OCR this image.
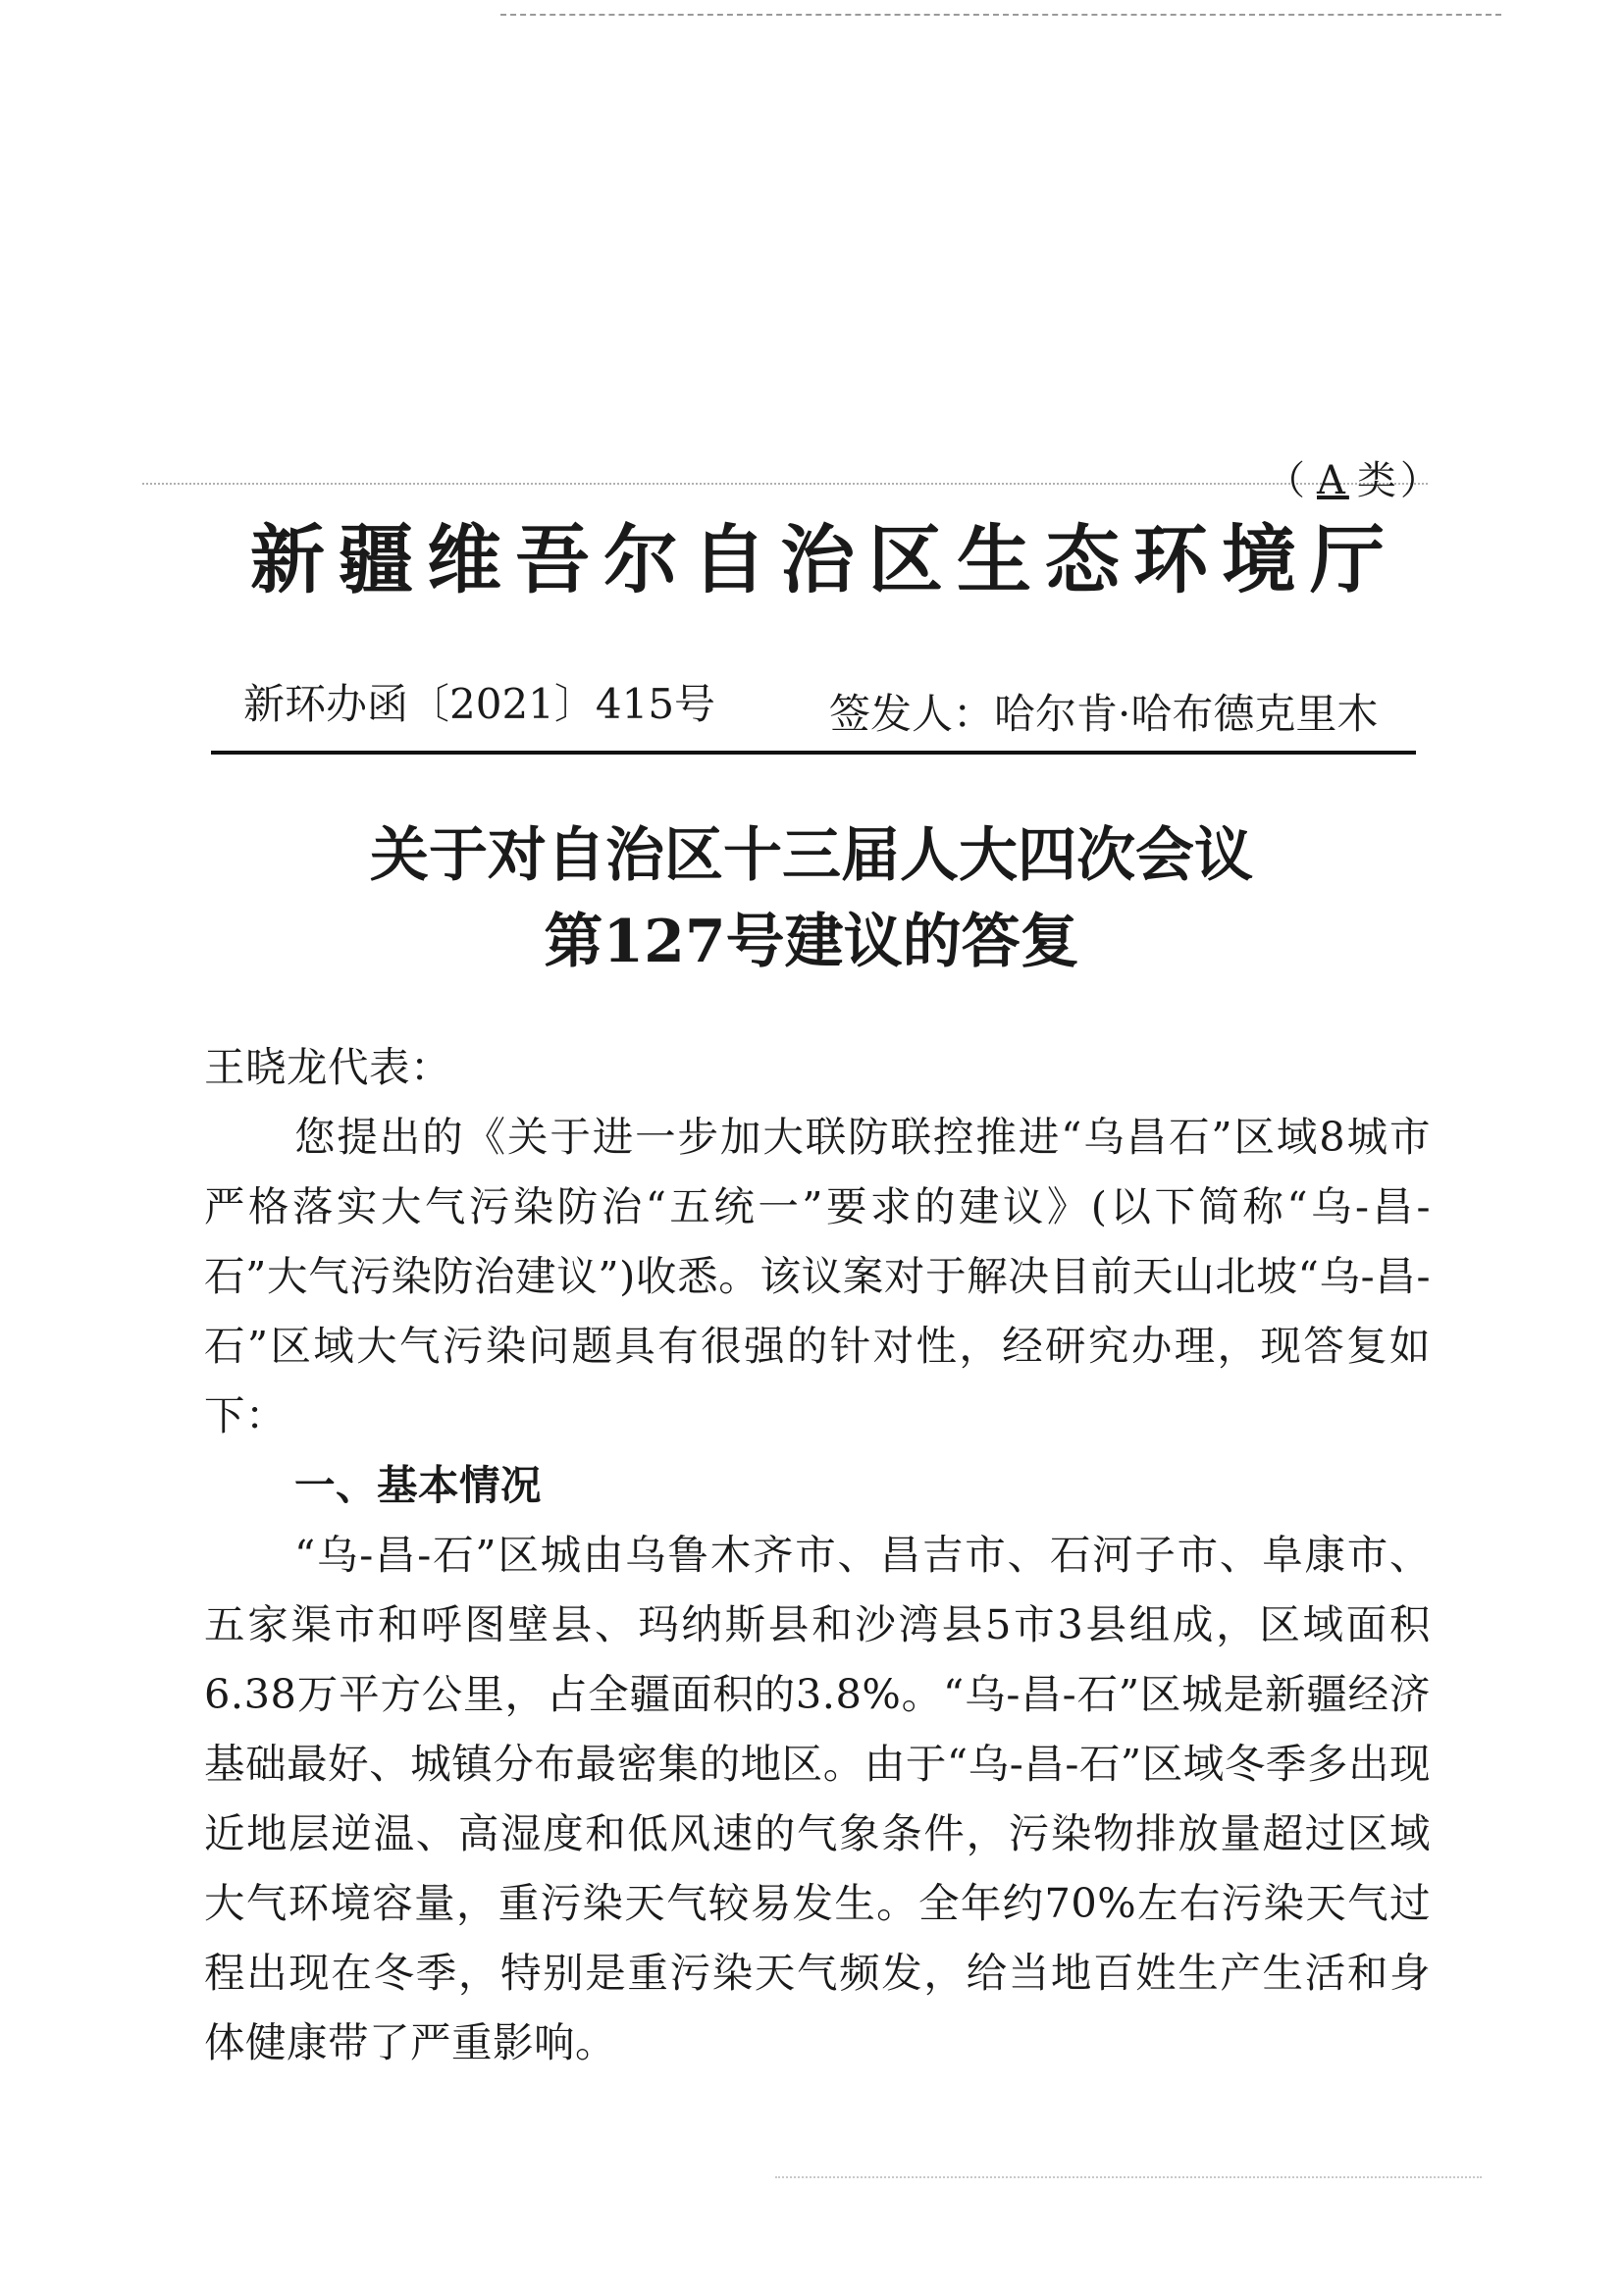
（ A 类）
新疆维吾尔自治区生态环境厅
新环办函〔2021〕415号	签发人：哈尔肯·哈布德克里木
关于对自治区十三届人大四次会议
第127号建议的答复

王晓龙代表：

您提出的《关于进一步加大联防联控推进“乌昌石”区域8城市严格落实大气污染防治“五统一”要求的建议》(以下简称“乌-昌-石”大气污染防治建议”)收悉。该议案对于解决目前天山北坡“乌-昌-石”区域大气污染问题具有很强的针对性，经研究办理，现答复如下：

一、基本情况

“乌-昌-石”区城由乌鲁木齐市、昌吉市、石河子市、阜康市、五家渠市和呼图壁县、玛纳斯县和沙湾县5市3县组成，区域面积6.38万平方公里，占全疆面积的3.8%。“乌-昌-石”区城是新疆经济基础最好、城镇分布最密集的地区。由于“乌-昌-石”区域冬季多出现近地层逆温、高湿度和低风速的气象条件，污染物排放量超过区域大气环境容量，重污染天气较易发生。全年约70%左右污染天气过程出现在冬季，特别是重污染天气频发，给当地百姓生产生活和身体健康带了严重影响。
